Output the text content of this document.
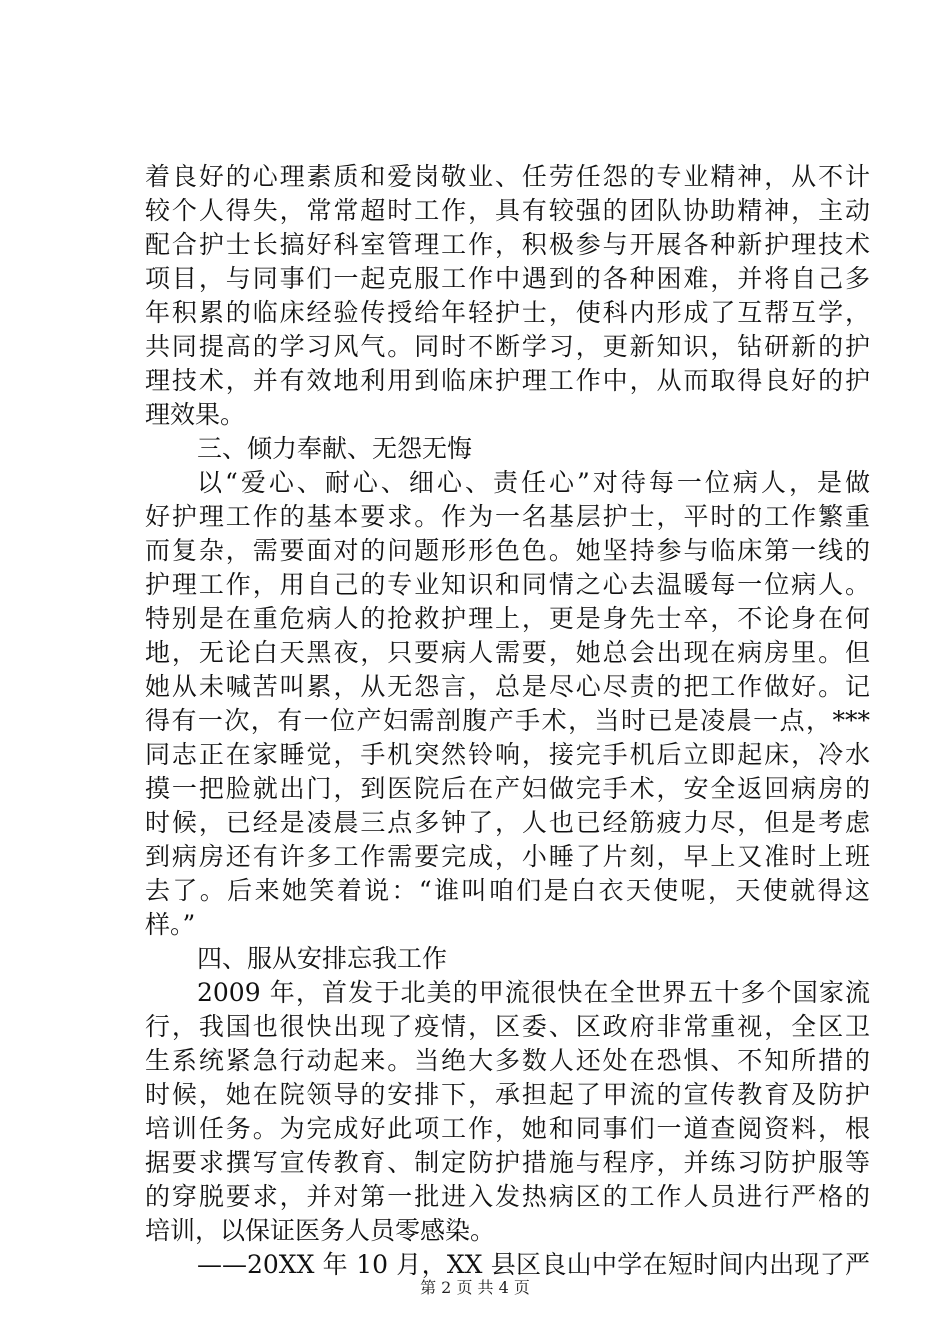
着良好的心理素质和爱岗敬业、任劳任怨的专业精神，从不计
较个人得失，常常超时工作，具有较强的团队协助精神，主动
配合护士长搞好科室管理工作，积极参与开展各种新护理技术
项目，与同事们一起克服工作中遇到的各种困难，并将自己多
年积累的临床经验传授给年轻护士，使科内形成了互帮互学，
共同提高的学习风气。同时不断学习，更新知识，钻研新的护
理技术，并有效地利用到临床护理工作中，从而取得良好的护
理效果。
三、倾力奉献、无怨无悔
以“爱心、耐心、细心、责任心”对待每一位病人，是做
好护理工作的基本要求。作为一名基层护士，平时的工作繁重
而复杂，需要面对的问题形形色色。她坚持参与临床第一线的
护理工作，用自己的专业知识和同情之心去温暖每一位病人。
特别是在重危病人的抢救护理上，更是身先士卒，不论身在何
地，无论白天黑夜，只要病人需要，她总会出现在病房里。但
她从未喊苦叫累，从无怨言，总是尽心尽责的把工作做好。记
得有一次，有一位产妇需剖腹产手术，当时已是凌晨一点，***
同志正在家睡觉，手机突然铃响，接完手机后立即起床，冷水
摸一把脸就出门，到医院后在产妇做完手术，安全返回病房的
时候，已经是凌晨三点多钟了，人也已经筋疲力尽，但是考虑
到病房还有许多工作需要完成，小睡了片刻，早上又准时上班
去了。后来她笑着说：“谁叫咱们是白衣天使呢，天使就得这
样。”
四、服从安排忘我工作
2009 年，首发于北美的甲流很快在全世界五十多个国家流
行，我国也很快出现了疫情，区委、区政府非常重视，全区卫
生系统紧急行动起来。当绝大多数人还处在恐惧、不知所措的
时候，她在院领导的安排下，承担起了甲流的宣传教育及防护
培训任务。为完成好此项工作，她和同事们一道查阅资料，根
据要求撰写宣传教育、制定防护措施与程序，并练习防护服等
的穿脱要求，并对第一批进入发热病区的工作人员进行严格的
培训，以保证医务人员零感染。
——20XX 年 10 月，XX 县区良山中学在短时间内出现了严
第 2 页 共 4 页
